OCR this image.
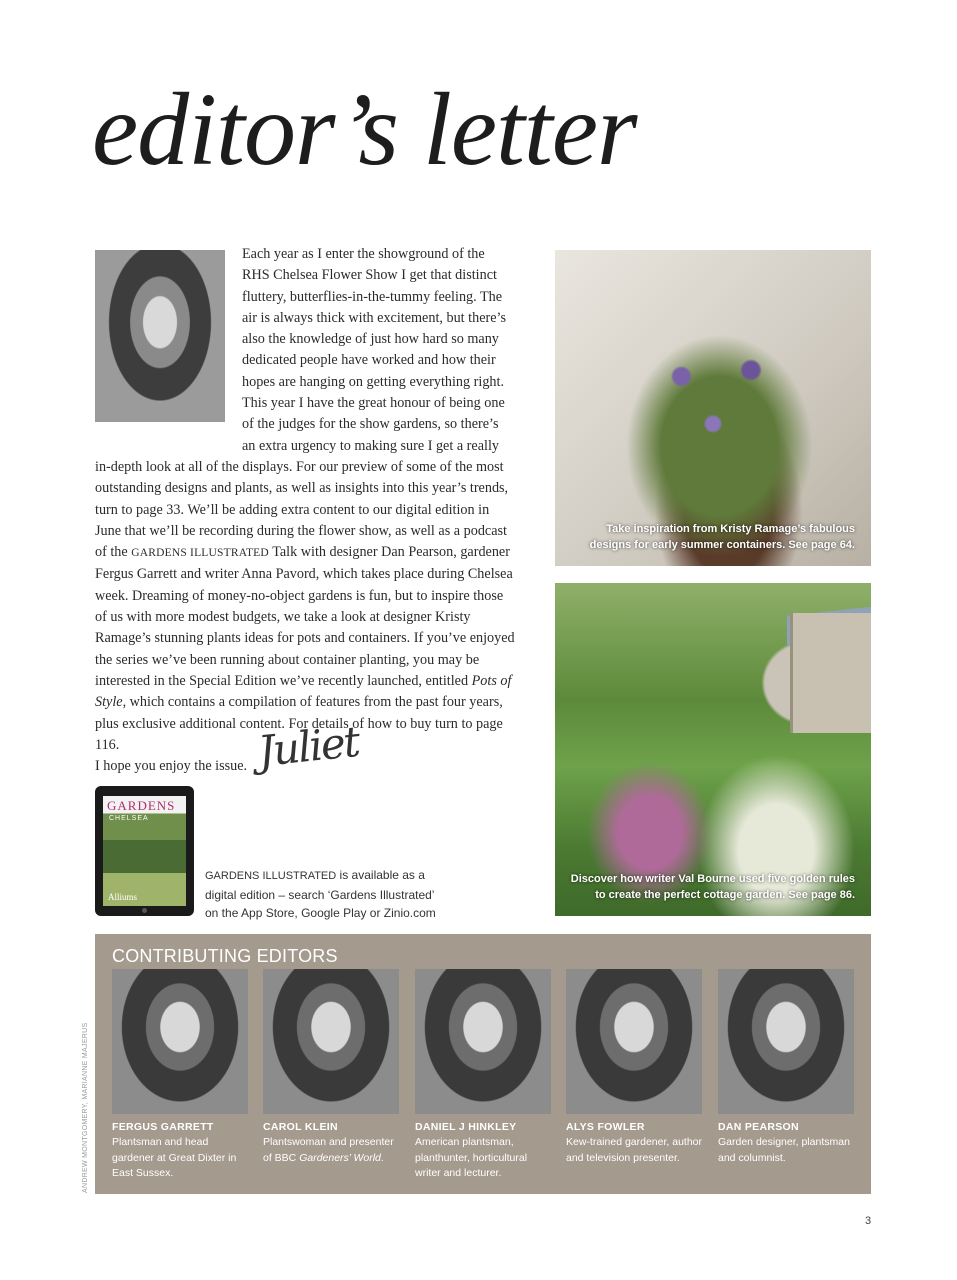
editor’s letter

Each year as I enter the showground of the RHS Chelsea Flower Show I get that distinct fluttery, butterflies-in-the-tummy feeling. The air is always thick with excitement, but there’s also the knowledge of just how hard so many dedicated people have worked and how their hopes are hanging on getting everything right. This year I have the great honour of being one of the judges for the show gardens, so there’s an extra urgency to making sure I get a really in-depth look at all of the displays. For our preview of some of the most outstanding designs and plants, as well as insights into this year’s trends, turn to page 33. We’ll be adding extra content to our digital edition in June that we’ll be recording during the flower show, as well as a podcast of the GARDENS ILLUSTRATED Talk with designer Dan Pearson, gardener Fergus Garrett and writer Anna Pavord, which takes place during Chelsea week. Dreaming of money-no-object gardens is fun, but to inspire those of us with more modest budgets, we take a look at designer Kristy Ramage’s stunning plants ideas for pots and containers. If you’ve enjoyed the series we’ve been running about container planting, you may be interested in the Special Edition we’ve recently launched, entitled Pots of Style, which contains a compilation of features from the past four years, plus exclusive additional content. For details of how to buy turn to page 116.

I hope you enjoy the issue. Juliet
GARDENS
CHELSEA
Alliums
GARDENS ILLUSTRATED is available as a
digital edition – search ‘Gardens Illustrated’
on the App Store, Google Play or Zinio.com
Take inspiration from Kristy Ramage’s fabulous designs for early summer containers. See page 64.
Discover how writer Val Bourne used five golden rules to create the perfect cottage garden. See page 86.
CONTRIBUTING EDITORS
FERGUS GARRETT
Plantsman and head gardener at Great Dixter in East Sussex.
CAROL KLEIN
Plantswoman and presenter of BBC Gardeners’ World.
DANIEL J HINKLEY
American plantsman, planthunter, horticultural writer and lecturer.
ALYS FOWLER
Kew-trained gardener, author and television presenter.
DAN PEARSON
Garden designer, plantsman and columnist.
ANDREW MONTGOMERY, MARIANNE MAJERUS
3
